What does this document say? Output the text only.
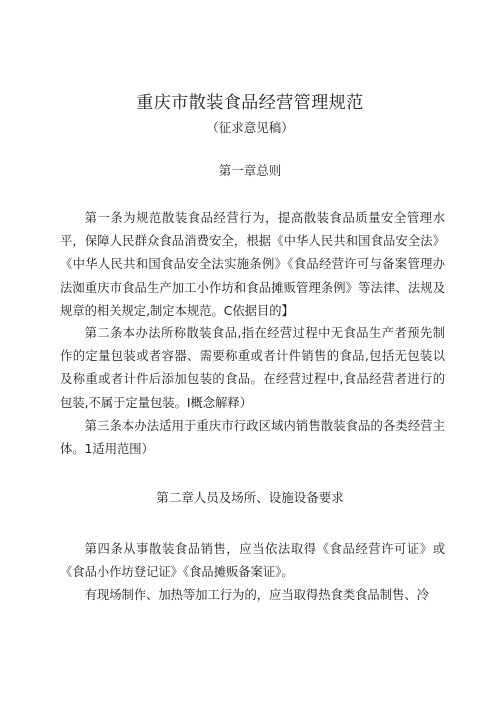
重庆市散装食品经营管理规范
（征求意见稿）
第一章总则

第一条为规范散装食品经营行为，提高散装食品质量安全管理水平，保障人民群众食品消费安全，根据《中华人民共和国食品安全法》《中华人民共和国食品安全法实施条例》《食品经营许可与备案管理办法洳重庆市食品生产加工小作坊和食品摊贩管理条例》等法律、法规及规章的相关规定,制定本规范。C依据目的】

第二条本办法所称散装食品,指在经营过程中无食品生产者预先制作的定量包装或者容器、需要称重或者计件销售的食品,包括无包装以及称重或者计件后添加包装的食品。在经营过程中,食品经营者进行的包装,不属于定量包装。I概念解释）

第三条本办法适用于重庆市行政区域内销售散装食品的各类经营主体。1适用范围）

第二章人员及场所、设施设备要求

第四条从事散装食品销售，应当依法取得《食品经营许可证》或《食品小作坊登记证》《食品摊贩备案证》。

有现场制作、加热等加工行为的，应当取得热食类食品制售、冷
